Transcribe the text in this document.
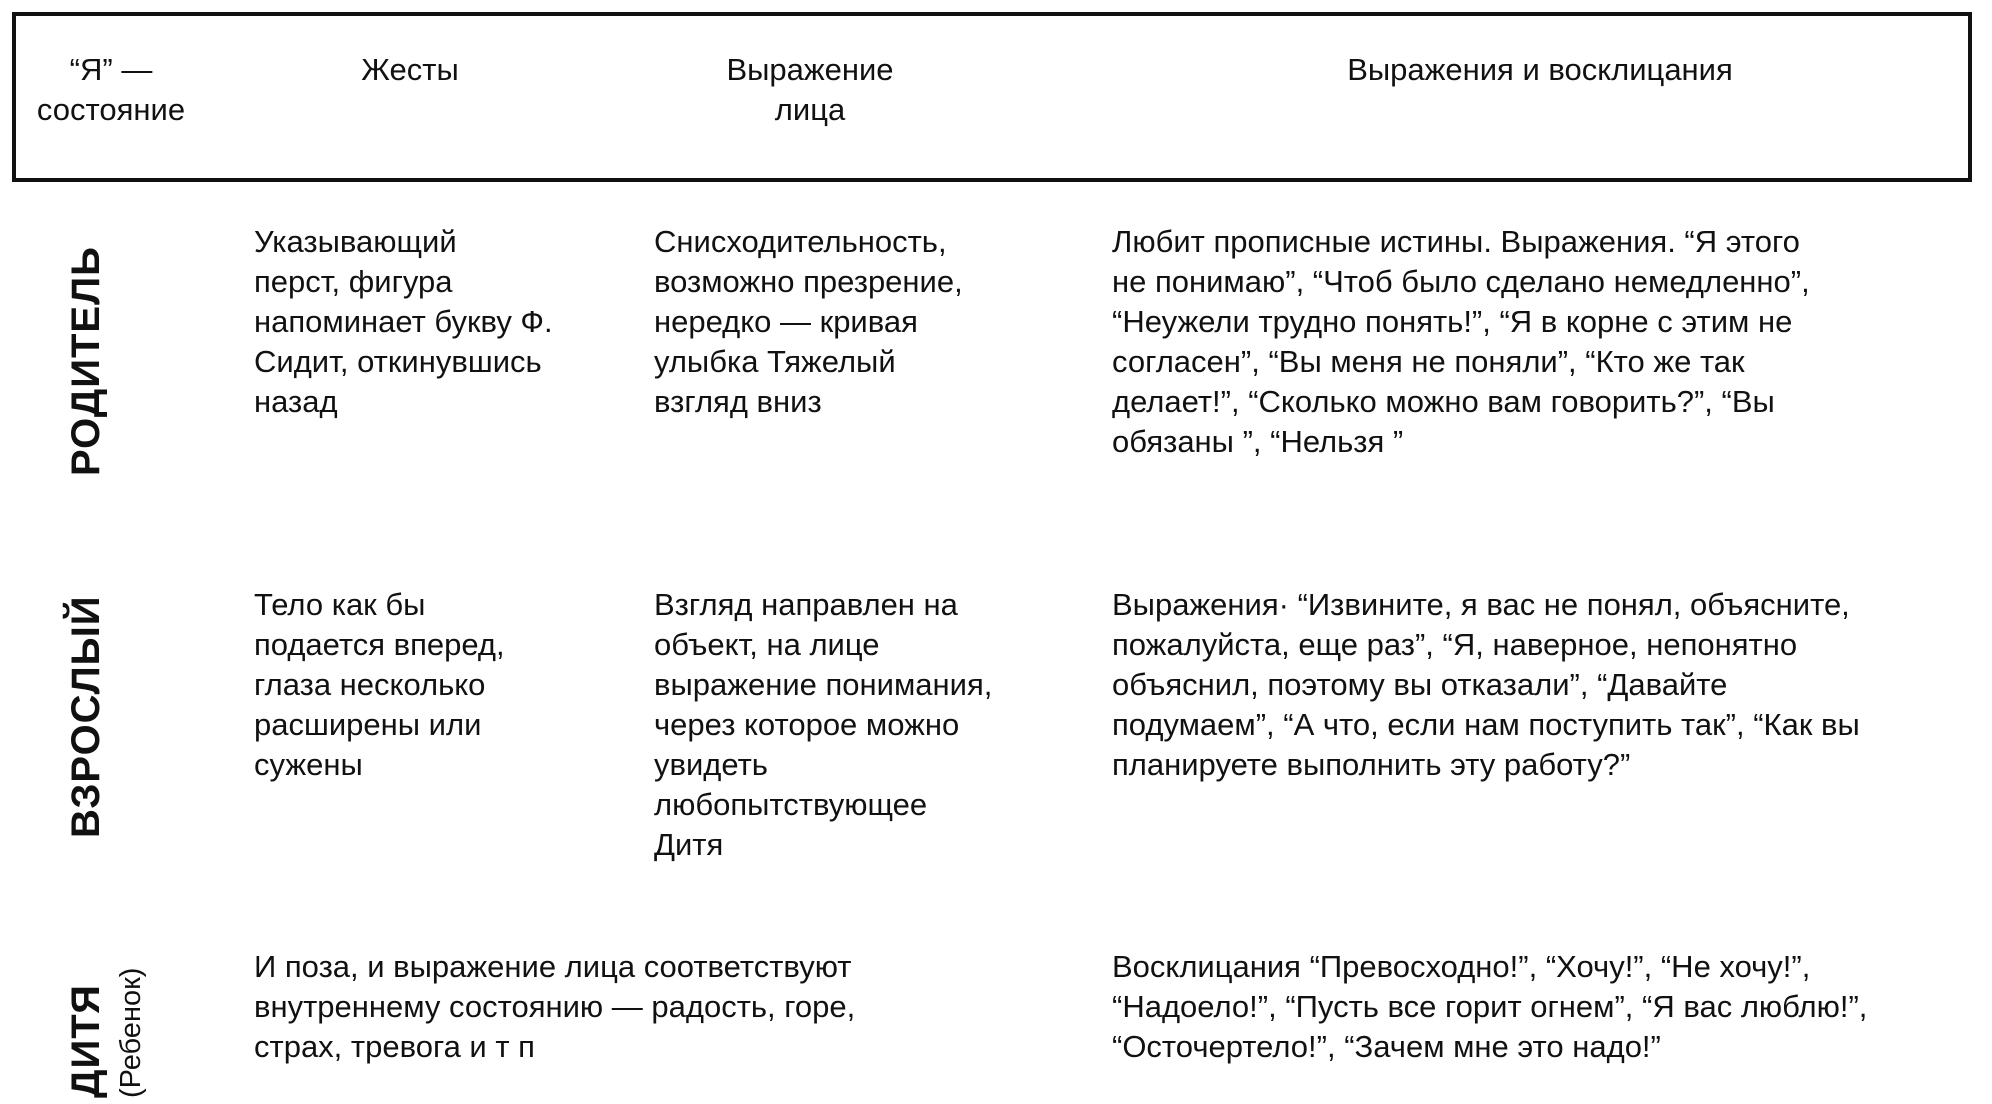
“Я” —
состояние
Жесты	Выражение
лица
Выражения и восклицания
РОДИТЕЛЬ
Указывающий
перст, фигура
напоминает букву Ф.
Сидит, откинувшись
назад
Снисходительность,
возможно презрение,
нередко — кривая
улыбка Тяжелый
взгляд вниз
Любит прописные истины. Выражения. “Я этого
не понимаю”, “Чтоб было сделано немедленно”,
“Неужели трудно понять!”, “Я в корне с этим не
согласен”, “Вы меня не поняли”, “Кто же так
делает!”, “Сколько можно вам говорить?”, “Вы
обязаны ”, “Нельзя ”
ВЗРОСЛЫЙ	Тело как бы
подается вперед,
глаза несколько
расширены или
сужены
Взгляд направлен на
объект, на лице
выражение понимания,
через которое можно
увидеть
любопытствующее
Дитя
Выражения· “Извините, я вас не понял, объясните,
пожалуйста, еще раз”, “Я, наверное, непонятно
объяснил, поэтому вы отказали”, “Давайте
подумаем”, “А что, если нам поступить так”, “Как вы
планируете выполнить эту работу?”
ДИТЯ (Ребенок)
И поза, и выражение лица соответствуют
внутреннему состоянию — радость, горе,
страх, тревога и т п
Восклицания “Превосходно!”, “Хочу!”, “Не хочу!”,
“Надоело!”, “Пусть все горит огнем”, “Я вас люблю!”,
“Осточертело!”, “Зачем мне это надо!”
